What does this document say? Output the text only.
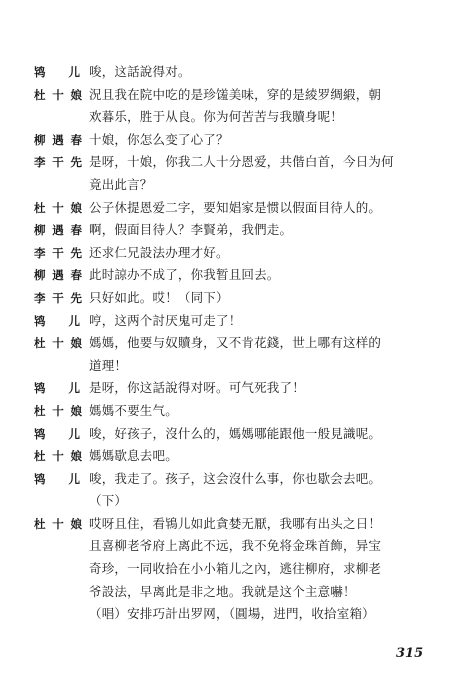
鸨儿 唆，这話說得对。
杜十娘 況且我在院中吃的是珍馐美味，穿的是綾罗绸緞，朝
欢暮乐，胜于从良。你为何苦苦与我贖身呢！
柳遇春 十娘，你怎么变了心了？
李干先 是呀，十娘，你我二人十分恩爱，共偕白首，今日为何
竟出此言？
杜十娘 公子休提恩爱二字，要知娼家是惯以假面目待人的。
柳遇春 啊，假面目待人？李賢弟，我們走。
李干先 还求仁兄設法办理才好。
柳遇春 此时諒办不成了，你我暂且回去。
李干先 只好如此。哎！（同下）
鸨儿 哼，这两个討厌鬼可走了！
杜十娘 媽媽，他要与奴贖身，又不肯花錢，世上哪有这样的
道理！
鸨儿 是呀，你这話說得对呀。可气死我了！
杜十娘 媽媽不要生气。
鸨儿 唆，好孩子，沒什么的，媽媽哪能跟他一般見識呢。
杜十娘 媽媽歇息去吧。
鸨儿 唆，我走了。孩子，这会沒什么事，你也歇会去吧。
（下）
杜十娘 哎呀且住，看鴇儿如此貪婪无厭，我哪有出头之日！
且喜柳老爷府上离此不远，我不免将金珠首飾，异宝
奇珍，一同收拾在小小箱儿之內，逃往柳府，求柳老
爷設法，早离此是非之地。我就是这个主意嚇！
（唱）安排巧計出罗网，（圓場，进門，收拾室箱）
315
